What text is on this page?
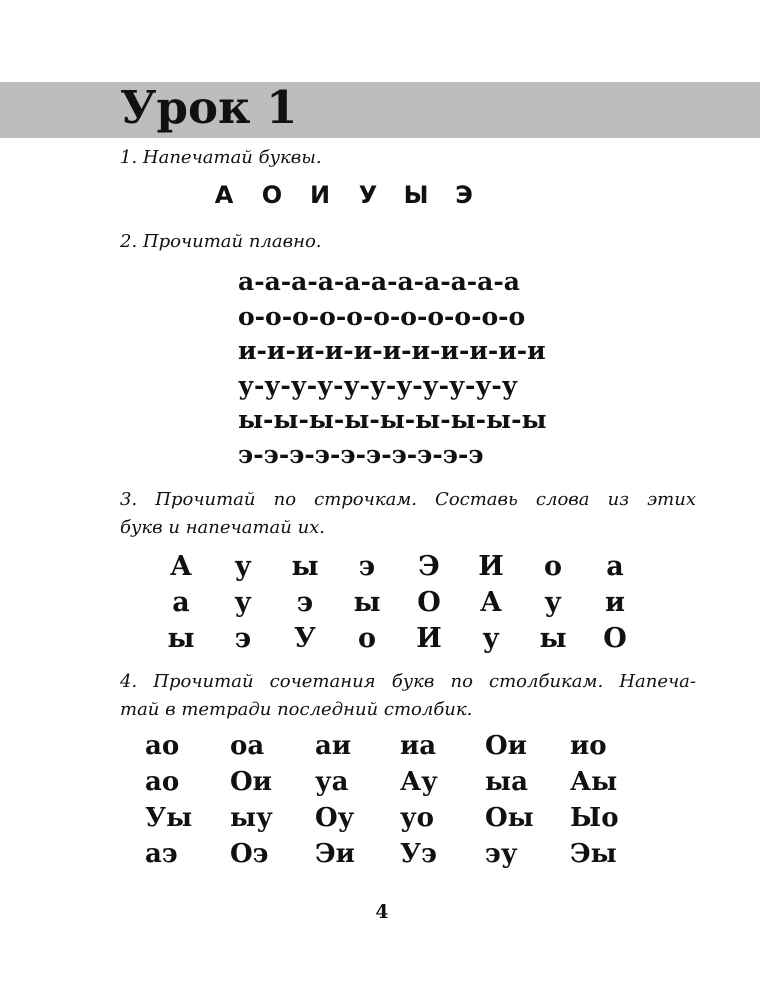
Урок 1

1. Напечатай буквы.

А	О	И	У	Ы	Э

2. Прочитай плавно.

а-а-а-а-а-а-а-а-а-а-а
о-о-о-о-о-о-о-о-о-о-о
и-и-и-и-и-и-и-и-и-и-и
у-у-у-у-у-у-у-у-у-у-у
ы-ы-ы-ы-ы-ы-ы-ы-ы
э-э-э-э-э-э-э-э-э-э

3. Прочитай по строчкам. Составь слова из этих
букв и напечатай их.

А	у	ы	э	Э	И	о	а
а	у	э	ы	О	А	у	и
ы	э	У	о	И	у	ы	О

4. Прочитай сочетания букв по столбикам. Напеча-
тай в тетради последний столбик.

ао	оа	аи	иа	Ои	ио
ао	Ои	уа	Ау	ыа	Аы
Уы	ыу	Оу	уо	Оы	Ыо
аэ	Оэ	Эи	Уэ	эу	Эы
4
